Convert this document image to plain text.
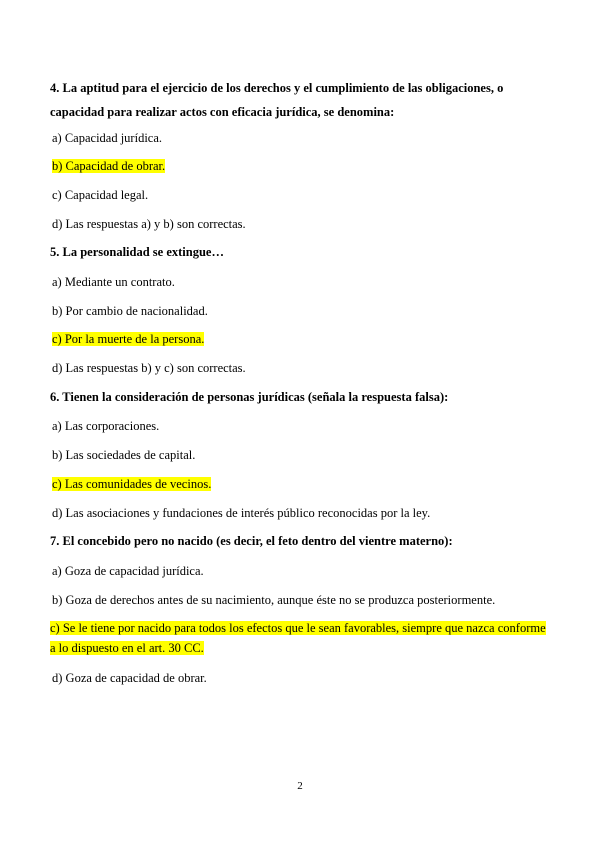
4. La aptitud para el ejercicio de los derechos y el cumplimiento de las obligaciones, o capacidad para realizar actos con eficacia jurídica, se denomina:

a) Capacidad jurídica.

b) Capacidad de obrar.

c) Capacidad legal.

d) Las respuestas a) y b) son correctas.

5. La personalidad se extingue…

a) Mediante un contrato.

b) Por cambio de nacionalidad.

c) Por la muerte de la persona.

d) Las respuestas b) y c) son correctas.

6. Tienen la consideración de personas jurídicas (señala la respuesta falsa):

a) Las corporaciones.

b) Las sociedades de capital.

c) Las comunidades de vecinos.

d) Las asociaciones y fundaciones de interés público reconocidas por la ley.

7. El concebido pero no nacido (es decir, el feto dentro del vientre materno):

a) Goza de capacidad jurídica.

b) Goza de derechos antes de su nacimiento, aunque éste no se produzca posteriormente.

c) Se le tiene por nacido para todos los efectos que le sean favorables, siempre que nazca conforme a lo dispuesto en el art. 30 CC.

d) Goza de capacidad de obrar.

2
